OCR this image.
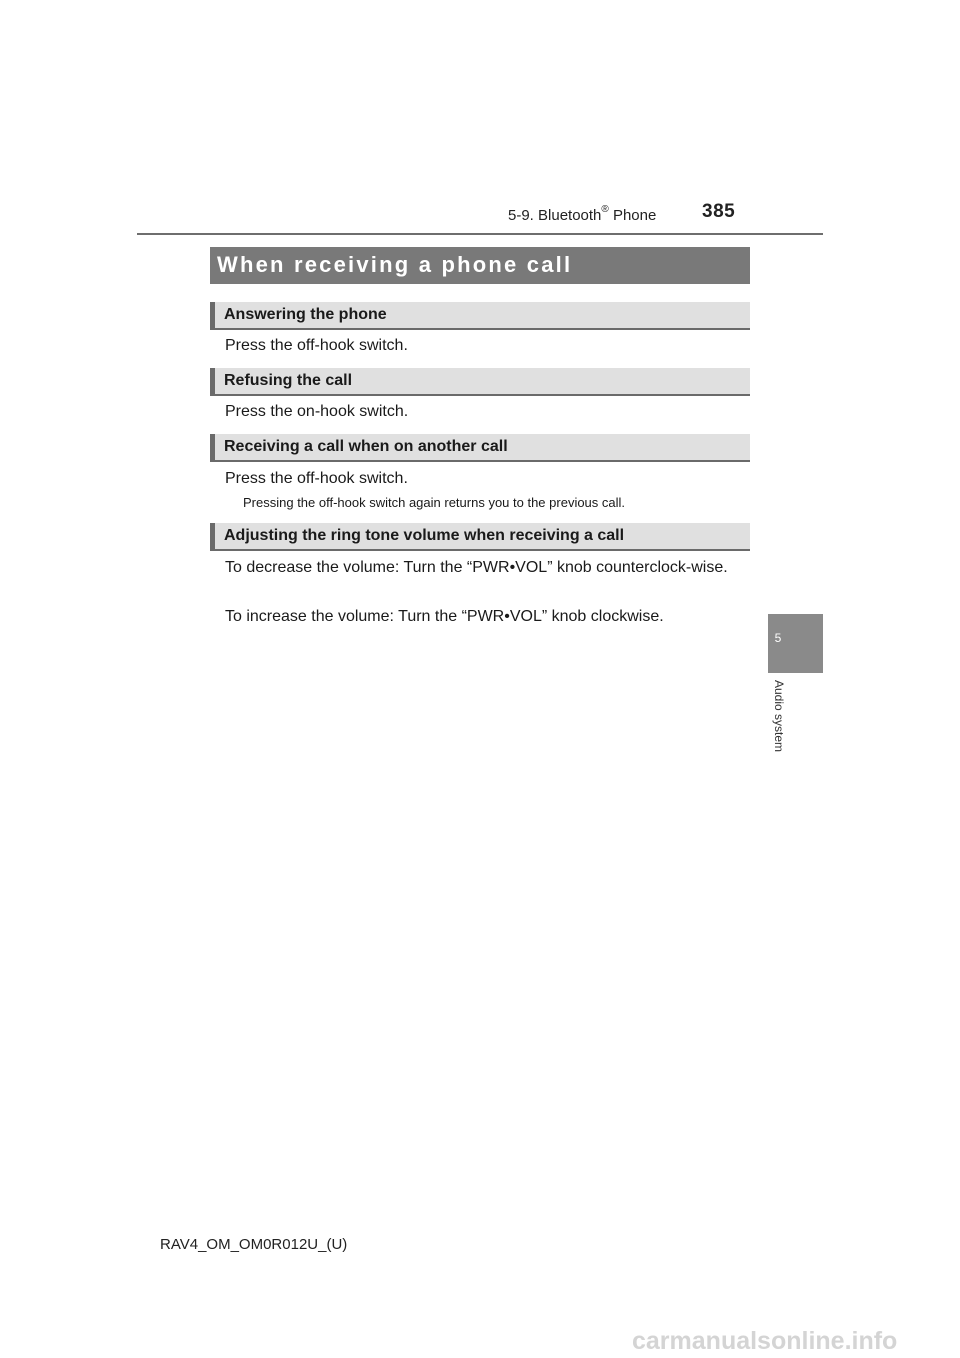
5-9. Bluetooth® Phone 385
When receiving a phone call
Answering the phone
Press the off-hook switch.
Refusing the call
Press the on-hook switch.
Receiving a call when on another call
Press the off-hook switch.
Pressing the off-hook switch again returns you to the previous call.
Adjusting the ring tone volume when receiving a call
To decrease the volume: Turn the “PWR•VOL” knob counterclock-wise.
To increase the volume: Turn the “PWR•VOL” knob clockwise.
5
Audio system
RAV4_OM_OM0R012U_(U)
carmanualsonline.info
